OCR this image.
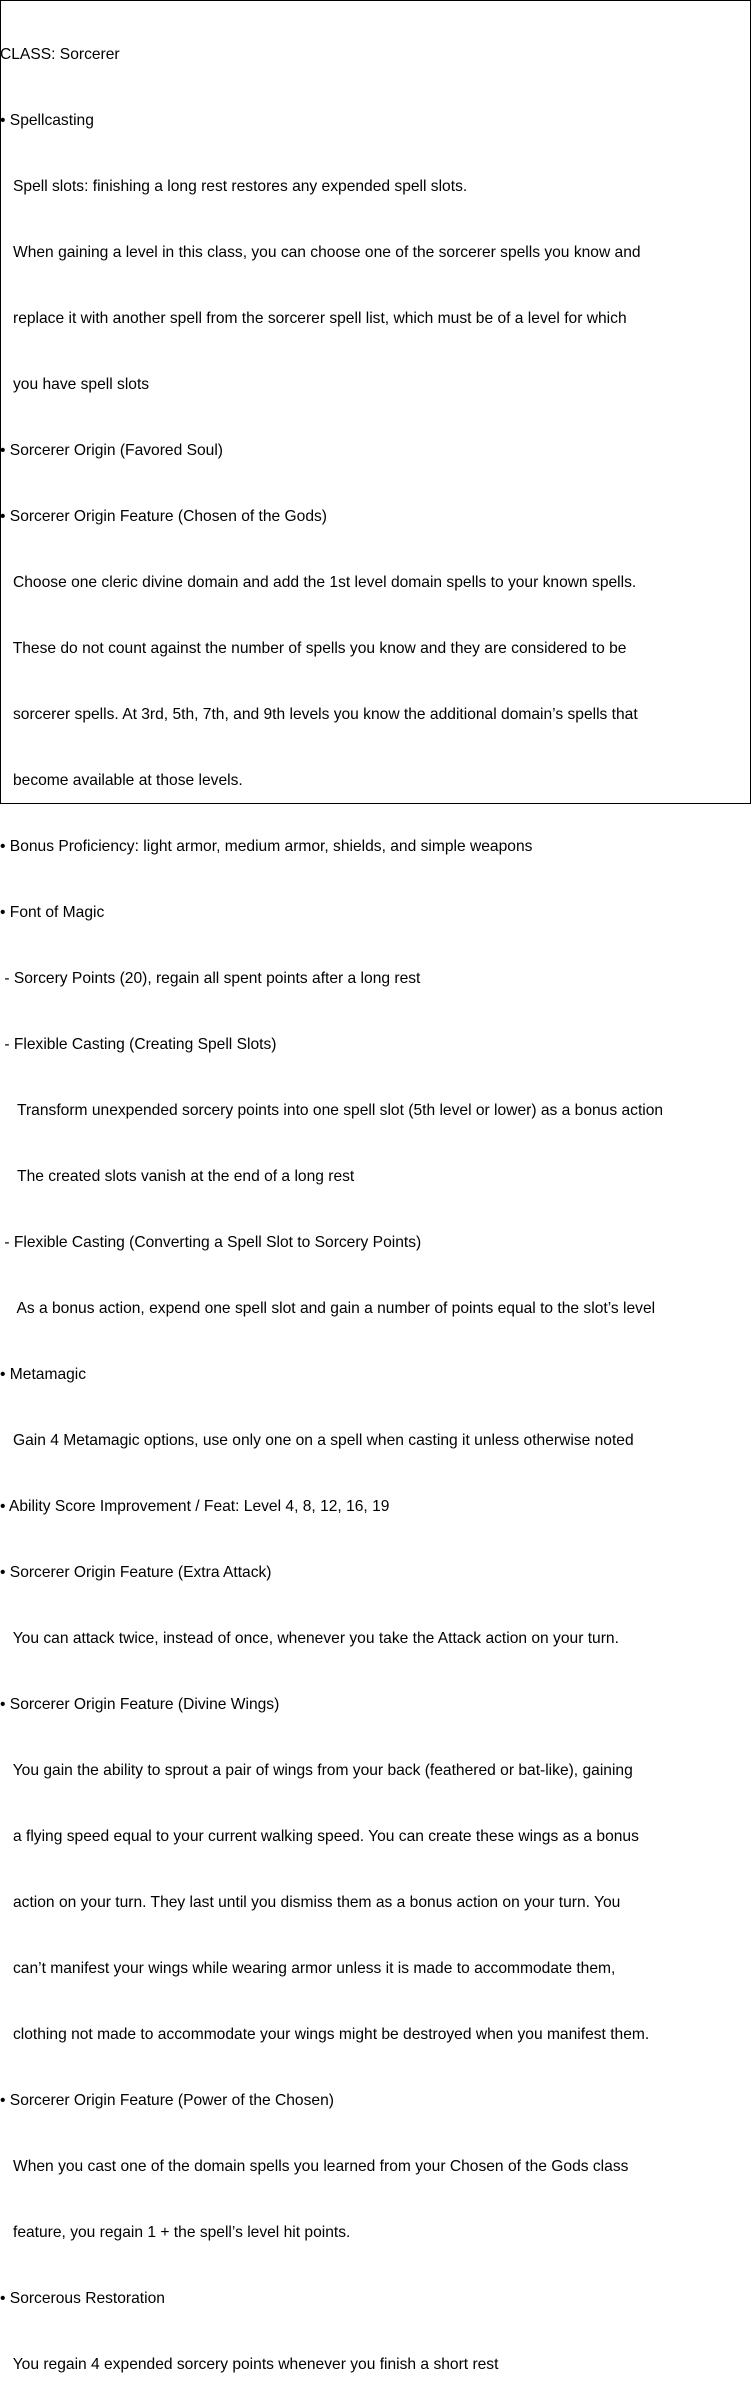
CLASS: Sorcerer

• Spellcasting

Spell slots: finishing a long rest restores any expended spell slots.

When gaining a level in this class, you can choose one of the sorcerer spells you know and

replace it with another spell from the sorcerer spell list, which must be of a level for which

you have spell slots

• Sorcerer Origin (Favored Soul)

• Sorcerer Origin Feature (Chosen of the Gods)

Choose one cleric divine domain and add the 1st level domain spells to your known spells.

These do not count against the number of spells you know and they are considered to be

sorcerer spells. At 3rd, 5th, 7th, and 9th levels you know the additional domain’s spells that

become available at those levels.

• Bonus Proficiency: light armor, medium armor, shields, and simple weapons

• Font of Magic

- Sorcery Points (20), regain all spent points after a long rest

- Flexible Casting (Creating Spell Slots)

Transform unexpended sorcery points into one spell slot (5th level or lower) as a bonus action

The created slots vanish at the end of a long rest

- Flexible Casting (Converting a Spell Slot to Sorcery Points)

As a bonus action, expend one spell slot and gain a number of points equal to the slot’s level

• Metamagic

Gain 4 Metamagic options, use only one on a spell when casting it unless otherwise noted

• Ability Score Improvement / Feat: Level 4, 8, 12, 16, 19

• Sorcerer Origin Feature (Extra Attack)

You can attack twice, instead of once, whenever you take the Attack action on your turn.

• Sorcerer Origin Feature (Divine Wings)

You gain the ability to sprout a pair of wings from your back (feathered or bat-like), gaining

a flying speed equal to your current walking speed. You can create these wings as a bonus

action on your turn. They last until you dismiss them as a bonus action on your turn. You

can’t manifest your wings while wearing armor unless it is made to accommodate them,

clothing not made to accommodate your wings might be destroyed when you manifest them.

• Sorcerer Origin Feature (Power of the Chosen)

When you cast one of the domain spells you learned from your Chosen of the Gods class

feature, you regain 1 + the spell’s level hit points.

• Sorcerous Restoration

You regain 4 expended sorcery points whenever you finish a short rest
